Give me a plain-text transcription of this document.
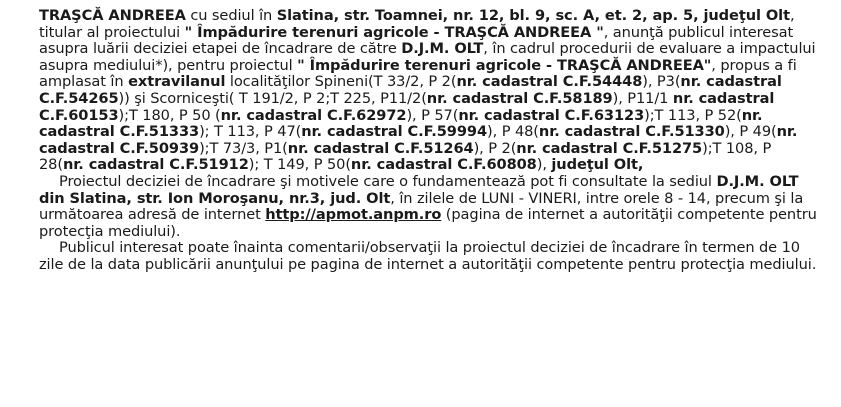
TRAŞCĂ ANDREEA cu sediul în Slatina, str. Toamnei, nr. 12, bl. 9, sc. A, et. 2, ap. 5, judeţul Olt, titular al proiectului " Împădurire terenuri agricole - TRAŞCĂ ANDREEA ", anunţă publicul interesat asupra luării deciziei etapei de încadrare de către D.J.M. OLT, în cadrul procedurii de evaluare a impactului asupra mediului*), pentru proiectul " Împădurire terenuri agricole - TRAŞCĂ ANDREEA", propus a fi amplasat în extravilanul localităţilor Spineni(T 33/2, P 2(nr. cadastral C.F.54448), P3(nr. cadastral C.F.54265)) şi Scorniceşti( T 191/2, P 2;T 225, P11/2(nr. cadastral C.F.58189), P11/1 nr. cadastral C.F.60153);T 180, P 50 (nr. cadastral C.F.62972), P 57(nr. cadastral C.F.63123);T 113, P 52(nr. cadastral C.F.51333); T 113, P 47(nr. cadastral C.F.59994), P 48(nr. cadastral C.F.51330), P 49(nr. cadastral C.F.50939);T 73/3, P1(nr. cadastral C.F.51264), P 2(nr. cadastral C.F.51275);T 108, P 28(nr. cadastral C.F.51912); T 149, P 50(nr. cadastral C.F.60808), judeţul Olt,

Proiectul deciziei de încadrare şi motivele care o fundamentează pot fi consultate la sediul D.J.M. OLT din Slatina, str. Ion Moroşanu, nr.3, jud. Olt, în zilele de LUNI - VINERI, intre orele 8 - 14, precum şi la următoarea adresă de internet http://apmot.anpm.ro (pagina de internet a autorităţii competente pentru protecţia mediului).

Publicul interesat poate înainta comentarii/observaţii la proiectul deciziei de încadrare în termen de 10 zile de la data publicării anunţului pe pagina de internet a autorităţii competente pentru protecţia mediului.
